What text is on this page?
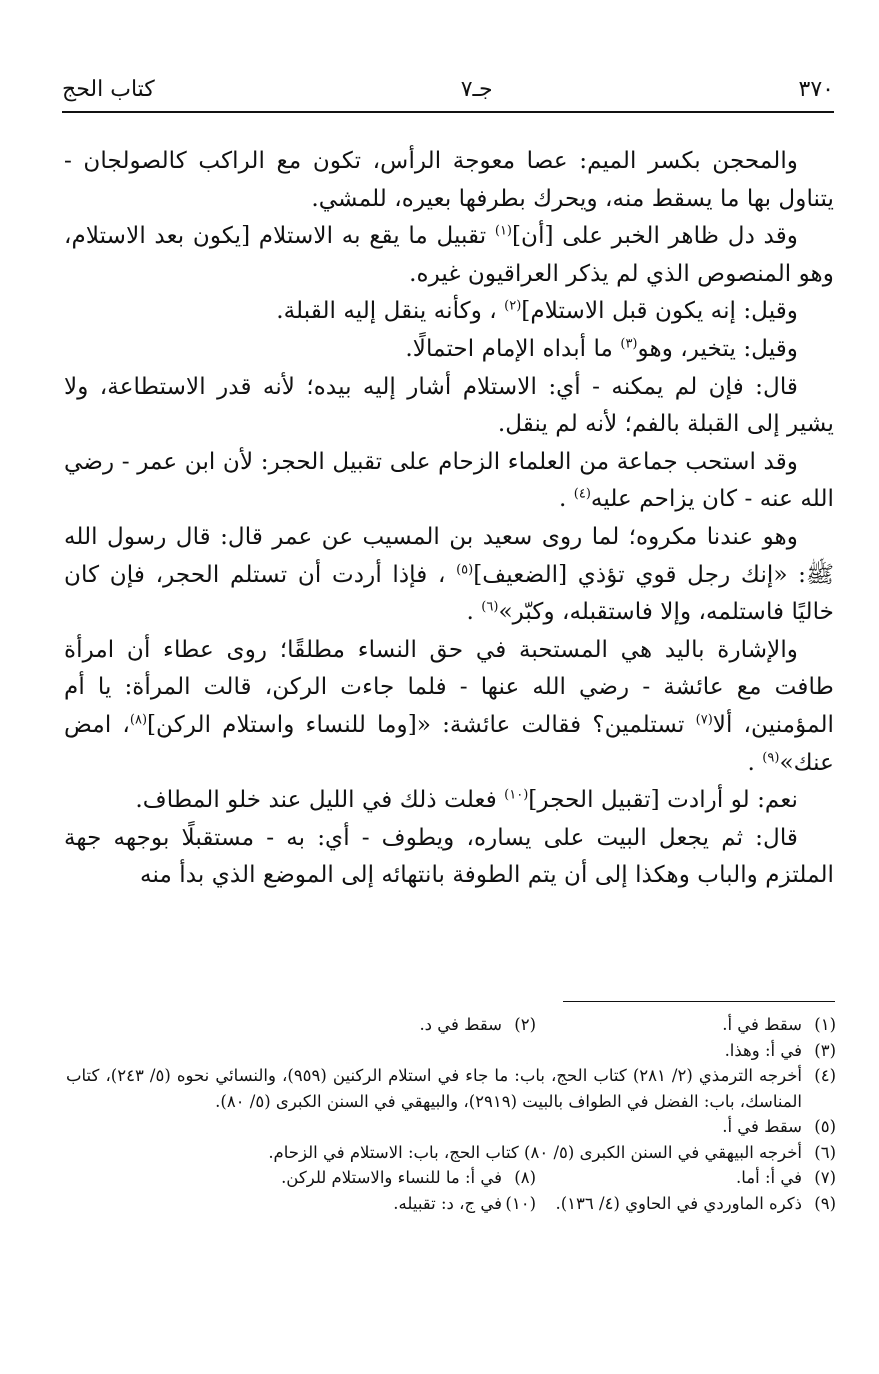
٣٧٠
جـ٧
كتاب الحج

والمحجن بكسر الميم: عصا معوجة الرأس، تكون مع الراكب كالصولجان - يتناول بها ما يسقط منه، ويحرك بطرفها بعيره، للمشي.

وقد دل ظاهر الخبر على [أن]$^{(١)}$ تقبيل ما يقع به الاستلام [يكون بعد الاستلام، وهو المنصوص الذي لم يذكر العراقيون غيره.

وقيل: إنه يكون قبل الاستلام]$^{(٢)}$ ، وكأنه ينقل إليه القبلة.

وقيل: يتخير، وهو$^{(٣)}$ ما أبداه الإمام احتمالًا.

قال: فإن لم يمكنه - أي: الاستلام أشار إليه بيده؛ لأنه قدر الاستطاعة، ولا يشير إلى القبلة بالفم؛ لأنه لم ينقل.

وقد استحب جماعة من العلماء الزحام على تقبيل الحجر: لأن ابن عمر - رضي الله عنه - كان يزاحم عليه$^{(٤)}$ .

وهو عندنا مكروه؛ لما روى سعيد بن المسيب عن عمر قال: قال رسول الله ﷺ: «إنك رجل قوي تؤذي [الضعيف]$^{(٥)}$ ، فإذا أردت أن تستلم الحجر، فإن كان خاليًا فاستلمه، وإلا فاستقبله، وكبّر»$^{(٦)}$ .

والإشارة باليد هي المستحبة في حق النساء مطلقًا؛ روى عطاء أن امرأة طافت مع عائشة - رضي الله عنها - فلما جاءت الركن، قالت المرأة: يا أم المؤمنين، ألا$^{(٧)}$ تستلمين؟ فقالت عائشة: «[وما للنساء واستلام الركن]$^{(٨)}$، امض عنك»$^{(٩)}$ .

نعم: لو أرادت [تقبيل الحجر]$^{(١٠)}$ فعلت ذلك في الليل عند خلو المطاف.

قال: ثم يجعل البيت على يساره، ويطوف - أي: به - مستقبلًا بوجهه جهة الملتزم والباب وهكذا إلى أن يتم الطوفة بانتهائه إلى الموضع الذي بدأ منه

(١)
سقط في أ.
(٢)
سقط في د.
(٣)
في أ: وهذا.
(٤)
أخرجه الترمذي (٢/ ٢٨١) كتاب الحج، باب: ما جاء في استلام الركنين (٩٥٩)، والنسائي نحوه (٥/ ٢٤٣)، كتاب المناسك، باب: الفضل في الطواف بالبيت (٢٩١٩)، والبيهقي في السنن الكبرى (٥/ ٨٠).
(٥)
سقط في أ.
(٦)
أخرجه البيهقي في السنن الكبرى (٥/ ٨٠) كتاب الحج، باب: الاستلام في الزحام.
(٧)
في أ: أما.
(٨)
في أ: ما للنساء والاستلام للركن.
(٩)
ذكره الماوردي في الحاوي (٤/ ١٣٦).
(١٠)
في ج، د: تقبيله.
